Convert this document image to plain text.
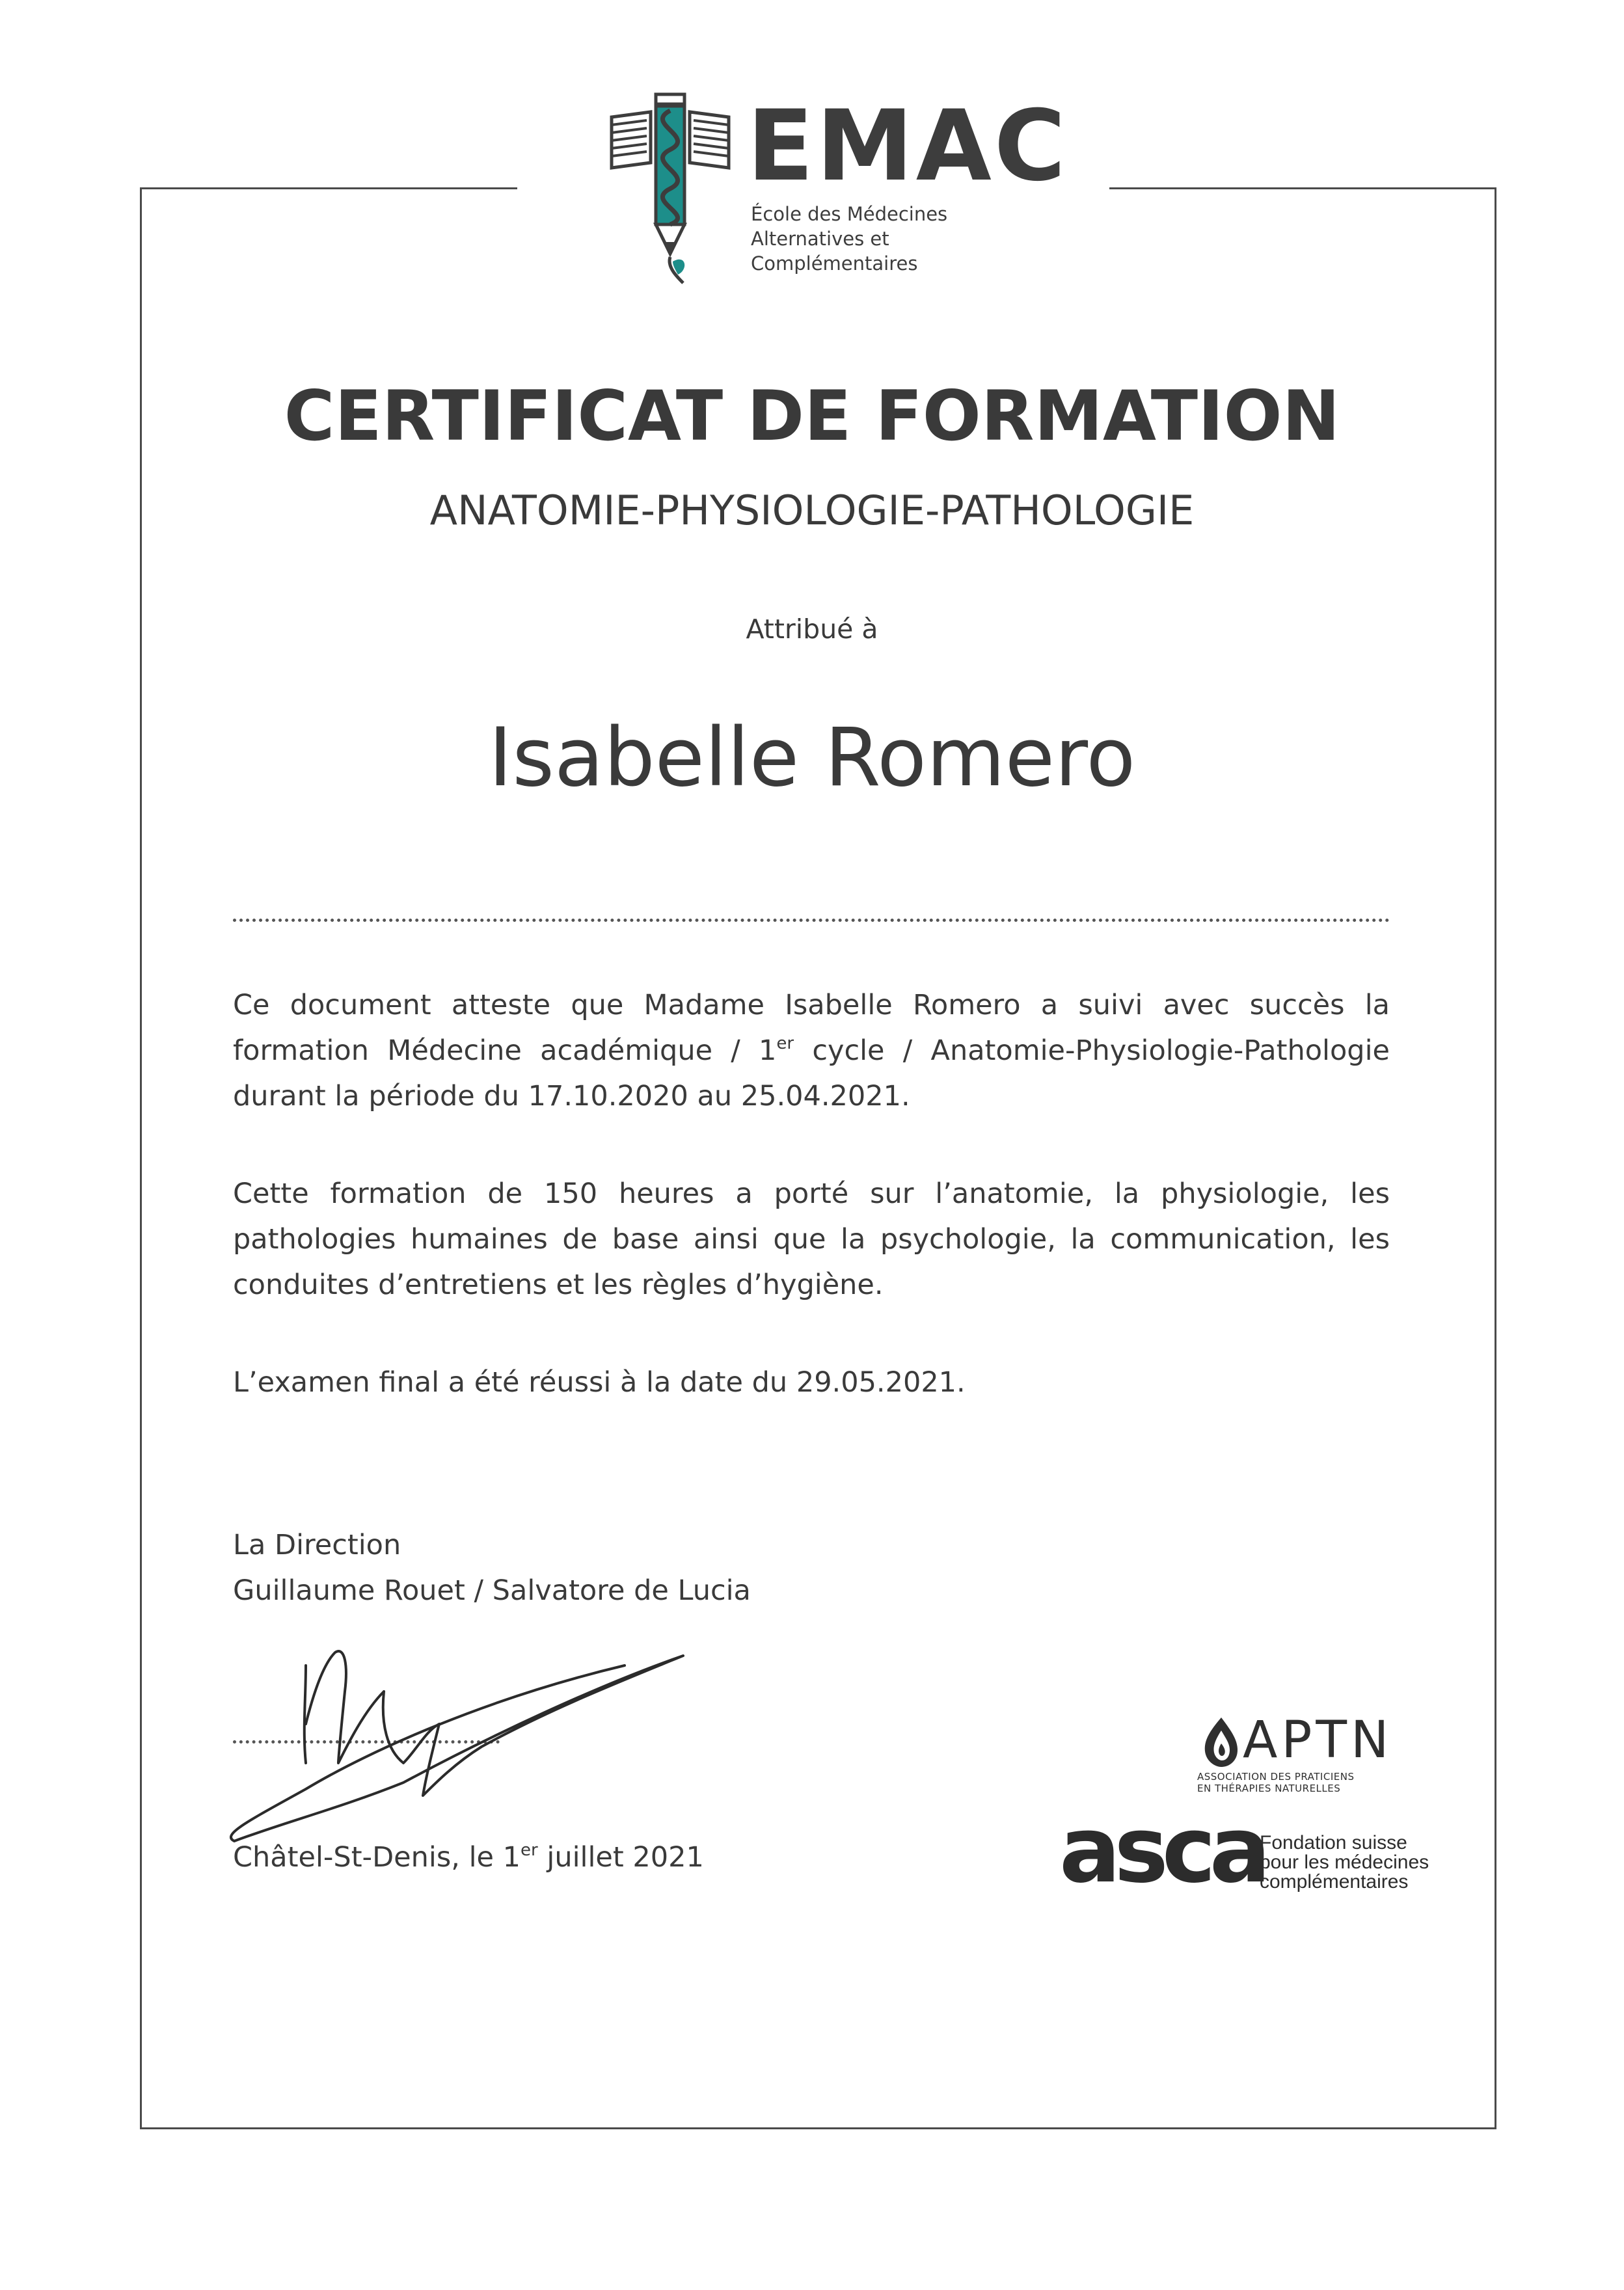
EMAC
École des Médecines
Alternatives et
Complémentaires
CERTIFICAT DE FORMATION
ANATOMIE-PHYSIOLOGIE-PATHOLOGIE
Attribué à
Isabelle Romero
Ce document atteste que Madame Isabelle Romero a suivi avec succès la formation Médecine académique / 1er cycle / Anatomie-Physiologie-Pathologie durant la période du 17.10.2020 au 25.04.2021.
Cette formation de 150 heures a porté sur l’anatomie, la physiologie, les pathologies humaines de base ainsi que la psychologie, la communication, les conduites d’entretiens et les règles d’hygiène.
L’examen final a été réussi à la date du 29.05.2021.
La Direction
Guillaume Rouet / Salvatore de Lucia
Châtel-St-Denis, le 1er juillet 2021
APTN
ASSOCIATION DES PRATICIENS
EN THÉRAPIES NATURELLES
asca
Fondation suisse
pour les médecines
complémentaires
